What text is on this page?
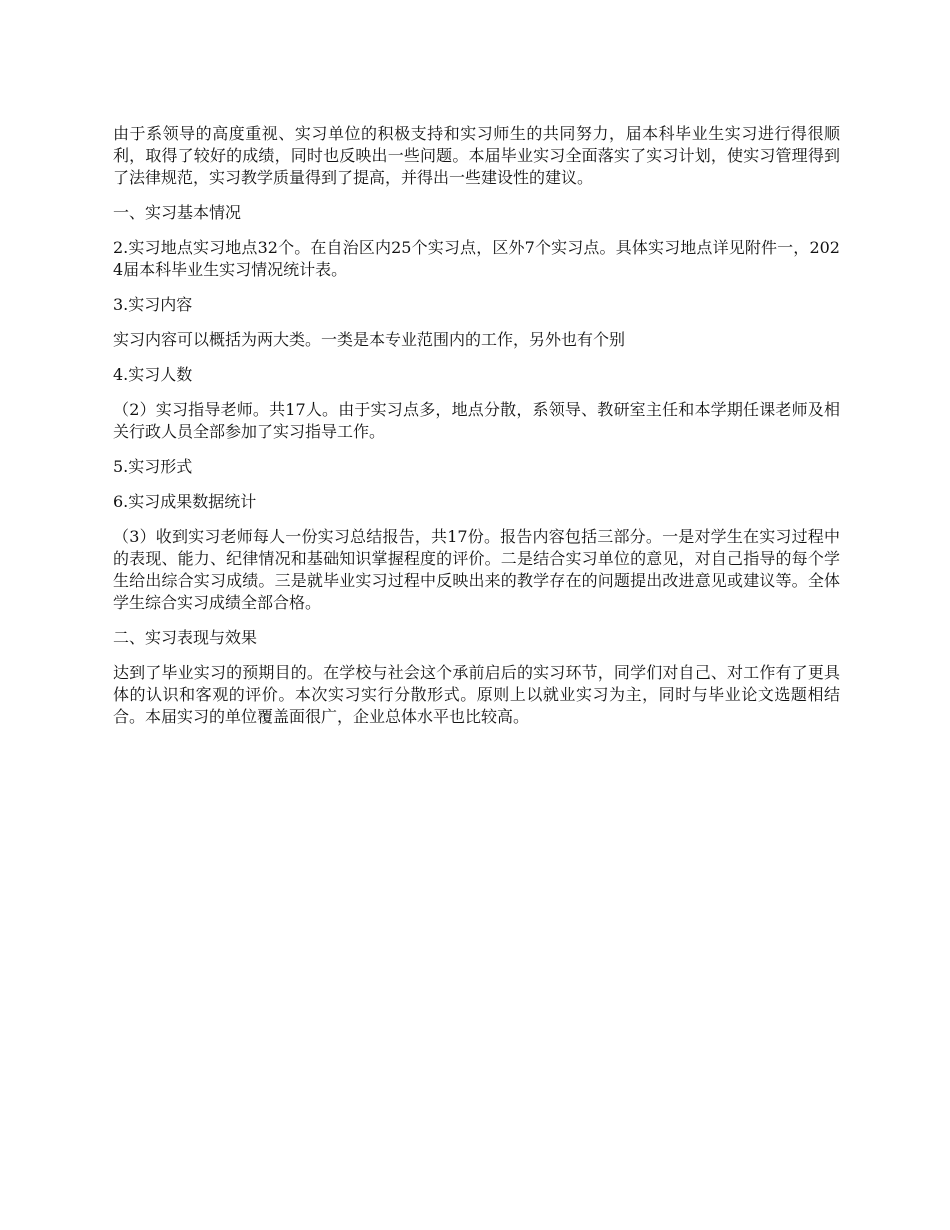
由于系领导的高度重视、实习单位的积极支持和实习师生的共同努力，届本科毕业生实习进行得很顺利，取得了较好的成绩，同时也反映出一些问题。本届毕业实习全面落实了实习计划，使实习管理得到了法律规范，实习教学质量得到了提高，并得出一些建设性的建议。

一、实习基本情况

2.实习地点实习地点32个。在自治区内25个实习点，区外7个实习点。具体实习地点详见附件一，2024届本科毕业生实习情况统计表。

3.实习内容

实习内容可以概括为两大类。一类是本专业范围内的工作，另外也有个别

4.实习人数

（2）实习指导老师。共17人。由于实习点多，地点分散，系领导、教研室主任和本学期任课老师及相关行政人员全部参加了实习指导工作。

5.实习形式

6.实习成果数据统计

（3）收到实习老师每人一份实习总结报告，共17份。报告内容包括三部分。一是对学生在实习过程中的表现、能力、纪律情况和基础知识掌握程度的评价。二是结合实习单位的意见，对自己指导的每个学生给出综合实习成绩。三是就毕业实习过程中反映出来的教学存在的问题提出改进意见或建议等。全体学生综合实习成绩全部合格。

二、实习表现与效果

达到了毕业实习的预期目的。在学校与社会这个承前启后的实习环节，同学们对自己、对工作有了更具体的认识和客观的评价。本次实习实行分散形式。原则上以就业实习为主，同时与毕业论文选题相结合。本届实习的单位覆盖面很广，企业总体水平也比较高。
